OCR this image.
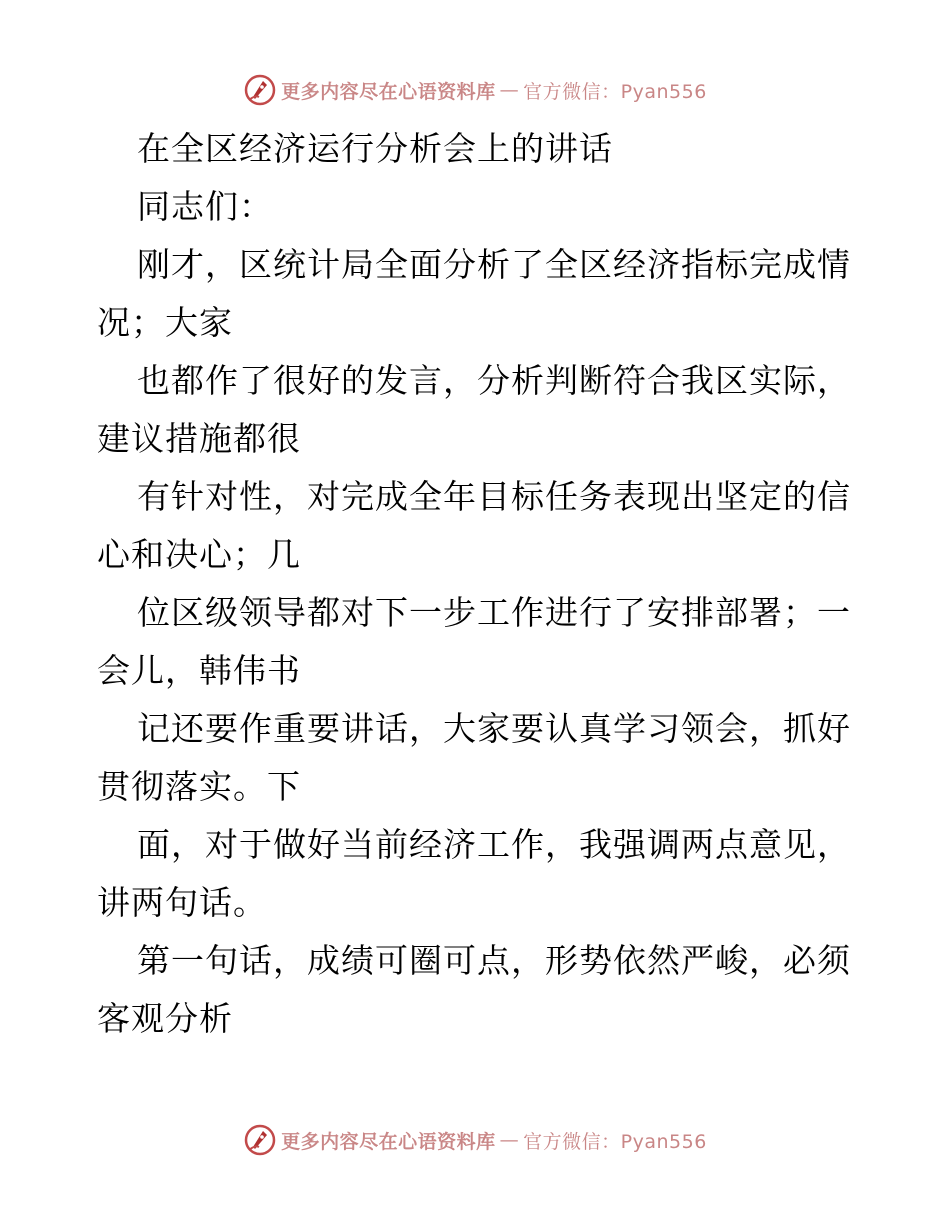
更多内容尽在心语资料库 — 官方微信：Pyan556
在全区经济运行分析会上的讲话
同志们：
刚才，区统计局全面分析了全区经济指标完成情
况；大家
也都作了很好的发言，分析判断符合我区实际，
建议措施都很
有针对性，对完成全年目标任务表现出坚定的信
心和决心；几
位区级领导都对下一步工作进行了安排部署；一
会儿，韩伟书
记还要作重要讲话，大家要认真学习领会，抓好
贯彻落实。下
面，对于做好当前经济工作，我强调两点意见，
讲两句话。
第一句话，成绩可圈可点，形势依然严峻，必须
客观分析
更多内容尽在心语资料库 — 官方微信：Pyan556
